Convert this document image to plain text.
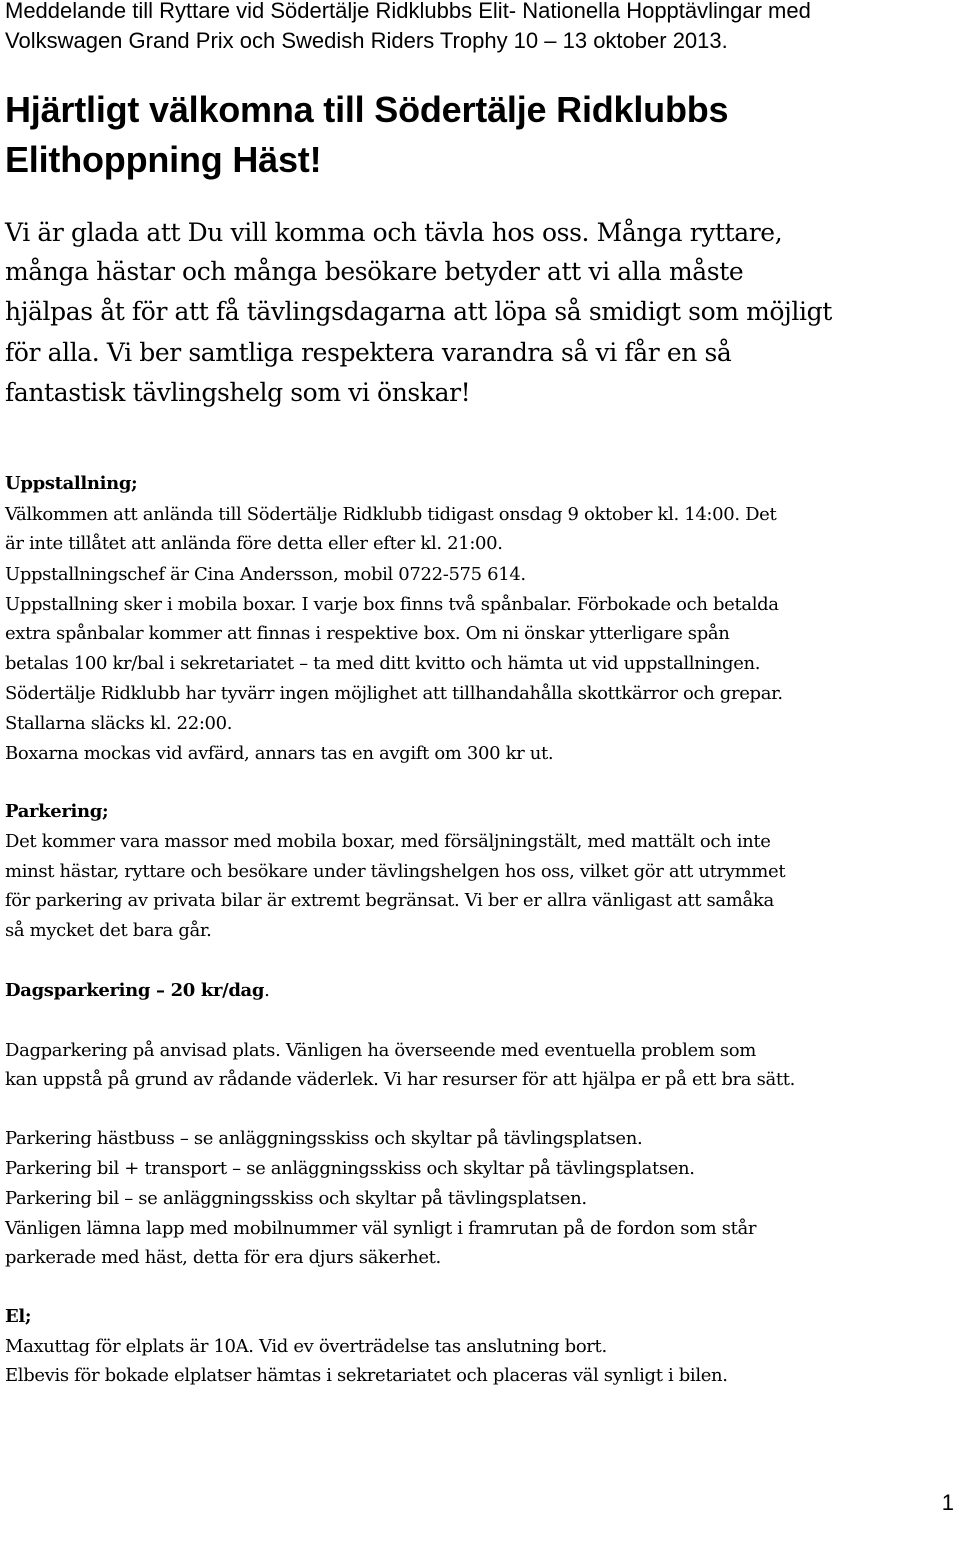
Meddelande till Ryttare vid Södertälje Ridklubbs Elit- Nationella Hopptävlingar med
Volkswagen Grand Prix och Swedish Riders Trophy 10 – 13 oktober 2013.
Hjärtligt välkomna till Södertälje Ridklubbs
Elithoppning Häst!
Vi är glada att Du vill komma och tävla hos oss. Många ryttare,
många hästar och många besökare betyder att vi alla måste
hjälpas åt för att få tävlingsdagarna att löpa så smidigt som möjligt
för alla. Vi ber samtliga respektera varandra så vi får en så
fantastisk tävlingshelg som vi önskar!
Uppstallning;
Välkommen att anlända till Södertälje Ridklubb tidigast onsdag 9 oktober kl. 14:00. Det
är inte tillåtet att anlända före detta eller efter kl. 21:00.
Uppstallningschef är Cina Andersson, mobil 0722-575 614.
Uppstallning sker i mobila boxar. I varje box finns två spånbalar. Förbokade och betalda
extra spånbalar kommer att finnas i respektive box. Om ni önskar ytterligare spån
betalas 100 kr/bal i sekretariatet – ta med ditt kvitto och hämta ut vid uppstallningen.
Södertälje Ridklubb har tyvärr ingen möjlighet att tillhandahålla skottkärror och grepar.
Stallarna släcks kl. 22:00.
Boxarna mockas vid avfärd, annars tas en avgift om 300 kr ut.
Parkering;
Det kommer vara massor med mobila boxar, med försäljningstält, med mattält och inte
minst hästar, ryttare och besökare under tävlingshelgen hos oss, vilket gör att utrymmet
för parkering av privata bilar är extremt begränsat. Vi ber er allra vänligast att samåka
så mycket det bara går.
Dagsparkering – 20 kr/dag.
Dagparkering på anvisad plats. Vänligen ha överseende med eventuella problem som
kan uppstå på grund av rådande väderlek. Vi har resurser för att hjälpa er på ett bra sätt.
Parkering hästbuss – se anläggningsskiss och skyltar på tävlingsplatsen.
Parkering bil + transport – se anläggningsskiss och skyltar på tävlingsplatsen.
Parkering bil – se anläggningsskiss och skyltar på tävlingsplatsen.
Vänligen lämna lapp med mobilnummer väl synligt i framrutan på de fordon som står
parkerade med häst, detta för era djurs säkerhet.
El;
Maxuttag för elplats är 10A. Vid ev överträdelse tas anslutning bort.
Elbevis för bokade elplatser hämtas i sekretariatet och placeras väl synligt i bilen.
1
